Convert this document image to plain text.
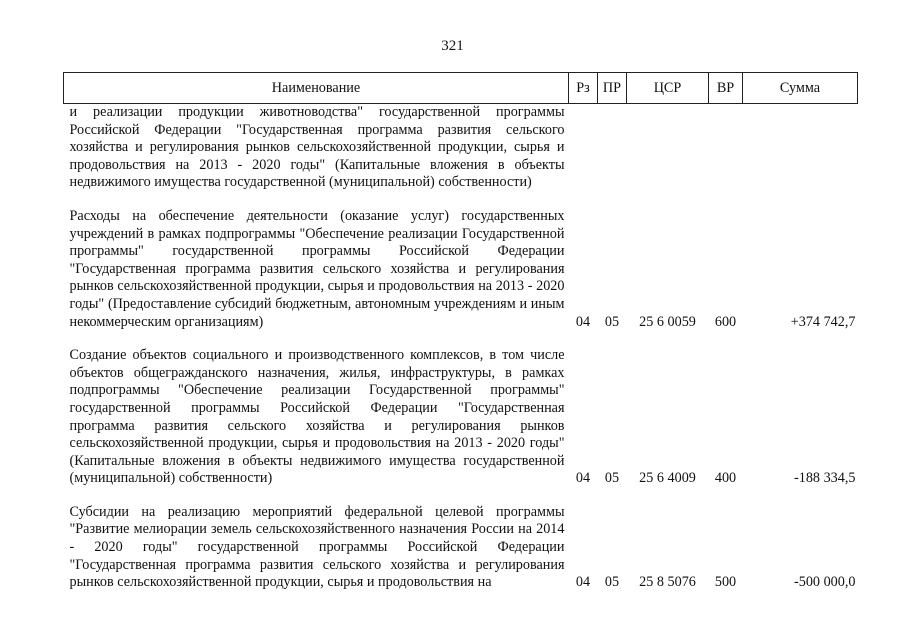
321
Наименование	Рз	ПР	ЦСР	ВР	Сумма
и реализации продукции животноводства" государственной программы Российской Федерации "Государственная программа развития сельского хозяйства и регулирования рынков сельскохозяйственной продукции, сырья и продовольствия на 2013 - 2020 годы" (Капитальные вложения в объекты недвижимого имущества государственной (муниципальной) собственности)					

Расходы на обеспечение деятельности (оказание услуг) государственных учреждений в рамках подпрограммы "Обеспечение реализации Государственной программы" государственной программы Российской Федерации "Государственная программа развития сельского хозяйства и регулирования рынков сельскохозяйственной продукции, сырья и продовольствия на 2013 - 2020 годы" (Предоставление субсидий бюджетным, автономным учреждениям и иным некоммерческим организациям)	04	05	25 6 0059	600	+374 742,7

Создание объектов социального и производственного комплексов, в том числе объектов общегражданского назначения, жилья, инфраструктуры, в рамках подпрограммы "Обеспечение реализации Государственной программы" государственной программы Российской Федерации "Государственная программа развития сельского хозяйства и регулирования рынков сельскохозяйственной продукции, сырья и продовольствия на 2013 - 2020 годы" (Капитальные вложения в объекты недвижимого имущества государственной (муниципальной) собственности)	04	05	25 6 4009	400	-188 334,5

Субсидии на реализацию мероприятий федеральной целевой программы "Развитие мелиорации земель сельскохозяйственного назначения России на 2014 - 2020 годы" государственной программы Российской Федерации "Государственная программа развития сельского хозяйства и регулирования рынков сельскохозяйственной продукции, сырья и продовольствия на	04	05	25 8 5076	500	-500 000,0
